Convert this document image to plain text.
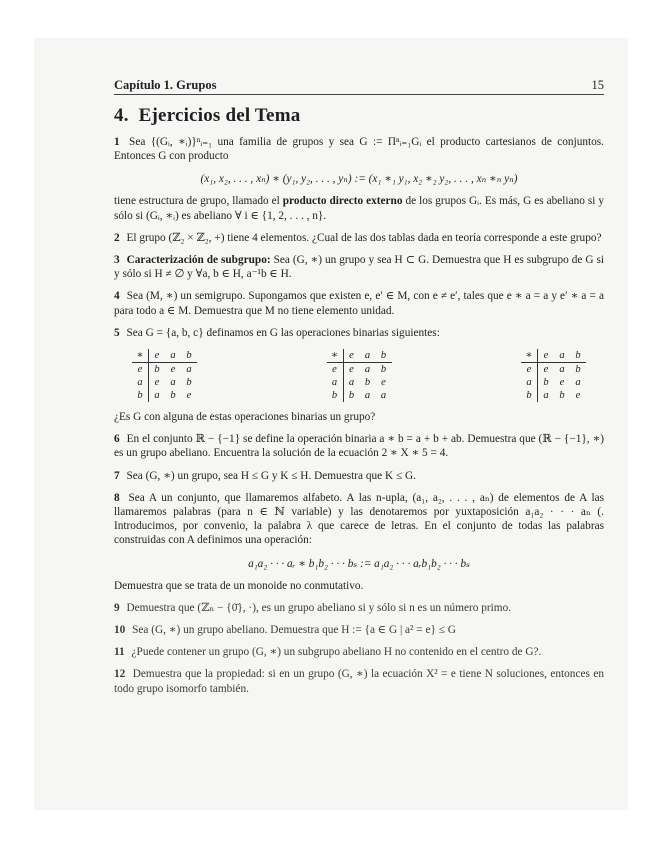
Capítulo 1. Grupos	15
4. Ejercicios del Tema

1 Sea {(Gᵢ, ∗ᵢ)}ⁿᵢ₌₁ una familia de grupos y sea G := Πⁿᵢ₌₁Gᵢ el producto cartesianos de conjuntos. Entonces G con producto

(x₁, x₂, . . . , xₙ) ∗ (y₁, y₂, . . . , yₙ) := (x₁ ∗₁ y₁, x₂ ∗₂ y₂, . . . , xₙ ∗ₙ yₙ)

tiene estructura de grupo, llamado el producto directo externo de los grupos Gᵢ. Es más, G es abeliano si y sólo si (Gᵢ, ∗ᵢ) es abeliano ∀ i ∈ {1, 2, . . . , n}.

2 El grupo (ℤ₂ × ℤ₂, +) tiene 4 elementos. ¿Cual de las dos tablas dada en teoría corresponde a este grupo?

3 Caracterización de subgrupo: Sea (G, ∗) un grupo y sea H ⊂ G. Demuestra que H es subgrupo de G si y sólo si H ≠ ∅ y ∀a, b ∈ H, a⁻¹b ∈ H.

4 Sea (M, ∗) un semigrupo. Supongamos que existen e, e′ ∈ M, con e ≠ e′, tales que e ∗ a = a y e′ ∗ a = a para todo a ∈ M. Demuestra que M no tiene elemento unidad.

5 Sea G = {a, b, c} definamos en G las operaciones binarias siguientes:

∗	e	a	b
e	b	e	a
a	e	a	b
b	a	b	e
∗	e	a	b
e	e	a	b
a	a	b	e
b	b	a	a
∗	e	a	b
e	e	a	b
a	b	e	a
b	a	b	e

¿Es G con alguna de estas operaciones binarias un grupo?

6 En el conjunto ℝ − {−1} se define la operación binaria a ∗ b = a + b + ab. Demuestra que (ℝ − {−1}, ∗) es un grupo abeliano. Encuentra la solución de la ecuación 2 ∗ X ∗ 5 = 4.

7 Sea (G, ∗) un grupo, sea H ≤ G y K ≤ H. Demuestra que K ≤ G.

8 Sea A un conjunto, que llamaremos alfabeto. A las n-upla, (a₁, a₂, . . . , aₙ) de elementos de A las llamaremos palabras (para n ∈ ℕ variable) y las denotaremos por yuxtaposición a₁a₂ · · · aₙ (. Introducimos, por convenio, la palabra λ que carece de letras. En el conjunto de todas las palabras construidas con A definimos una operación:

a₁a₂ · · · aᵣ ∗ b₁b₂ · · · bₛ := a₁a₂ · · · aᵣb₁b₂ · · · bₛ

Demuestra que se trata de un monoide no conmutativo.

9 Demuestra que (ℤₙ − {0̄}, ·), es un grupo abeliano si y sólo si n es un número primo.

10 Sea (G, ∗) un grupo abeliano. Demuestra que H := {a ∈ G | a² = e} ≤ G

11 ¿Puede contener un grupo (G, ∗) un subgrupo abeliano H no contenido en el centro de G?.

12 Demuestra que la propiedad: si en un grupo (G, ∗) la ecuación X² = e tiene N soluciones, entonces en todo grupo isomorfo también.
